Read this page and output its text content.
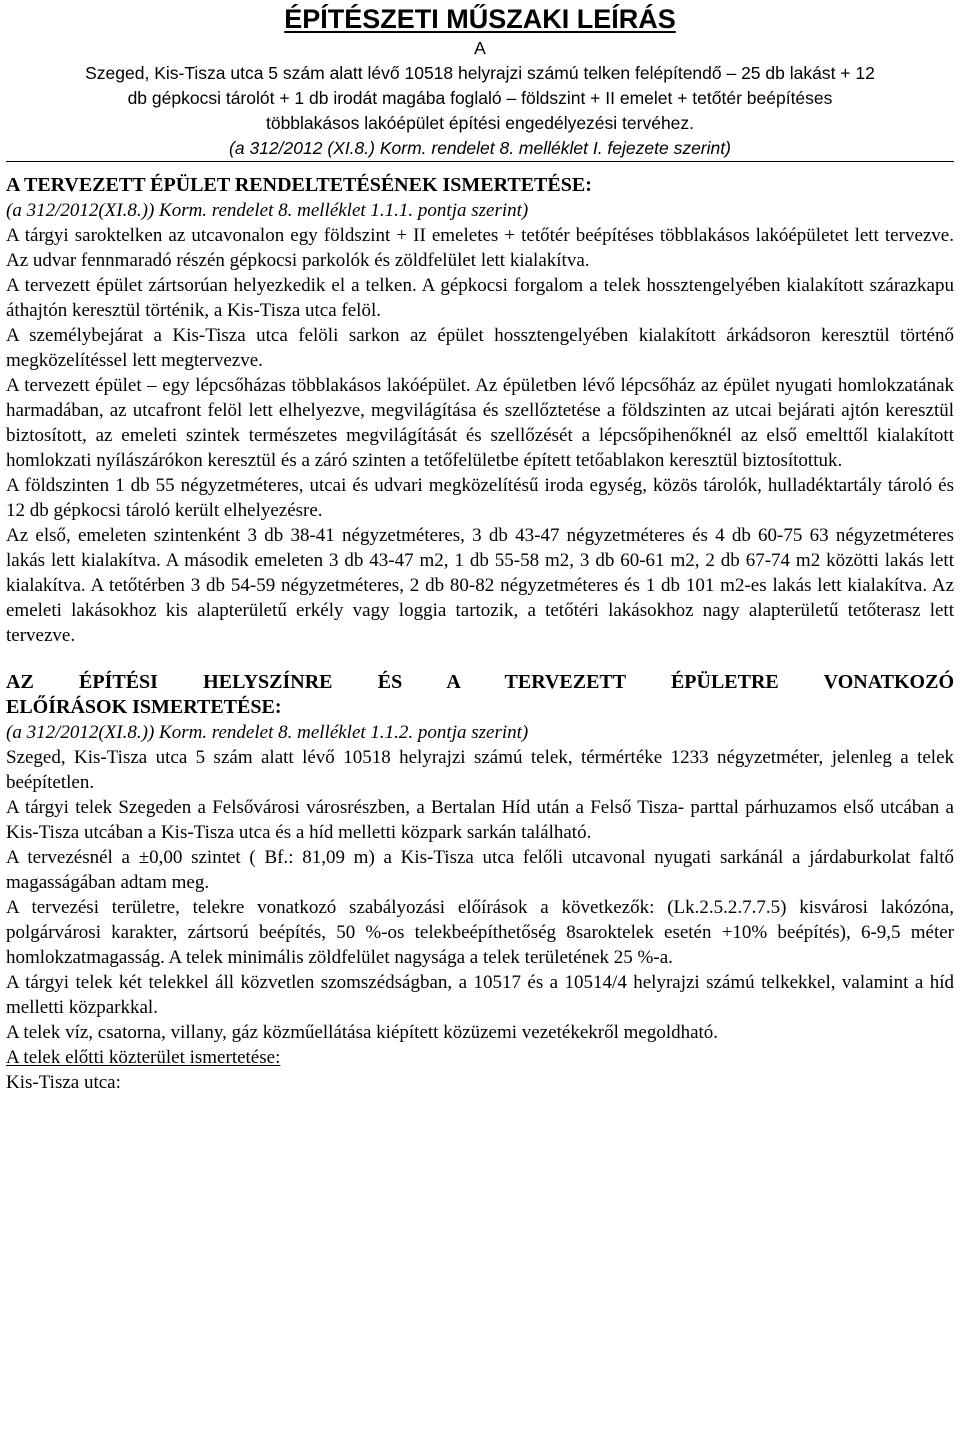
ÉPÍTÉSZETI MŰSZAKI LEÍRÁS

A

Szeged, Kis-Tisza utca 5 szám alatt lévő 10518 helyrajzi számú telken felépítendő – 25 db lakást + 12

db gépkocsi tárolót + 1 db irodát magába foglaló – földszint + II emelet + tetőtér beépítéses

többlakásos lakóépület építési engedélyezési tervéhez.

(a 312/2012 (XI.8.) Korm. rendelet 8. melléklet I. fejezete szerint)

A TERVEZETT ÉPÜLET RENDELTETÉSÉNEK ISMERTETÉSE:

(a 312/2012(XI.8.)) Korm. rendelet 8. melléklet 1.1.1. pontja szerint)

A tárgyi saroktelken az utcavonalon egy földszint + II emeletes + tetőtér beépítéses többlakásos lakóépületet lett tervezve. Az udvar fennmaradó részén gépkocsi parkolók és zöldfelület lett kialakítva.

A tervezett épület zártsorúan helyezkedik el a telken. A gépkocsi forgalom a telek hossztengelyében kialakított szárazkapu áthajtón keresztül történik, a Kis-Tisza utca felöl.

A személybejárat a Kis-Tisza utca felöli sarkon az épület hossztengelyében kialakított árkádsoron keresztül történő megközelítéssel lett megtervezve.

A tervezett épület – egy lépcsőházas többlakásos lakóépület. Az épületben lévő lépcsőház az épület nyugati homlokzatának harmadában, az utcafront felöl lett elhelyezve, megvilágítása és szellőztetése a földszinten az utcai bejárati ajtón keresztül biztosított, az emeleti szintek természetes megvilágítását és szellőzését a lépcsőpihenőknél az első emelttől kialakított homlokzati nyílászárókon keresztül és a záró szinten a tetőfelületbe épített tetőablakon keresztül biztosítottuk.

A földszinten 1 db 55 négyzetméteres, utcai és udvari megközelítésű iroda egység, közös tárolók, hulladéktartály tároló és 12 db gépkocsi tároló került elhelyezésre.

Az első, emeleten szintenként 3 db 38-41 négyzetméteres, 3 db 43-47 négyzetméteres és 4 db 60-75 63 négyzetméteres lakás lett kialakítva. A második emeleten 3 db 43-47 m2, 1 db 55-58 m2, 3 db 60-61 m2, 2 db 67-74 m2 közötti lakás lett kialakítva. A tetőtérben 3 db 54-59 négyzetméteres, 2 db 80-82 négyzetméteres és 1 db 101 m2-es lakás lett kialakítva. Az emeleti lakásokhoz kis alapterületű erkély vagy loggia tartozik, a tetőtéri lakásokhoz nagy alapterületű tetőterasz lett tervezve.

AZ ÉPÍTÉSI HELYSZÍNRE ÉS A TERVEZETT ÉPÜLETRE VONATKOZÓ
ELŐÍRÁSOK ISMERTETÉSE:

(a 312/2012(XI.8.)) Korm. rendelet 8. melléklet 1.1.2. pontja szerint)

Szeged, Kis-Tisza utca 5 szám alatt lévő 10518 helyrajzi számú telek, térmértéke 1233 négyzetméter, jelenleg a telek beépítetlen.

A tárgyi telek Szegeden a Felsővárosi városrészben, a Bertalan Híd után a Felső Tisza- parttal párhuzamos első utcában a Kis-Tisza utcában a Kis-Tisza utca és a híd melletti közpark sarkán található.

A tervezésnél a ±0,00 szintet ( Bf.: 81,09 m) a Kis-Tisza utca felőli utcavonal nyugati sarkánál a járdaburkolat faltő magasságában adtam meg.

A tervezési területre, telekre vonatkozó szabályozási előírások a következők: (Lk.2.5.2.7.7.5) kisvárosi lakózóna, polgárvárosi karakter, zártsorú beépítés, 50 %-os telekbeépíthetőség 8saroktelek esetén +10% beépítés), 6-9,5 méter homlokzatmagasság. A telek minimális zöldfelület nagysága a telek területének 25 %-a.

A tárgyi telek két telekkel áll közvetlen szomszédságban, a 10517 és a 10514/4 helyrajzi számú telkekkel, valamint a híd melletti közparkkal.

A telek víz, csatorna, villany, gáz közműellátása kiépített közüzemi vezetékekről megoldható.

A telek előtti közterület ismertetése:

Kis-Tisza utca:
